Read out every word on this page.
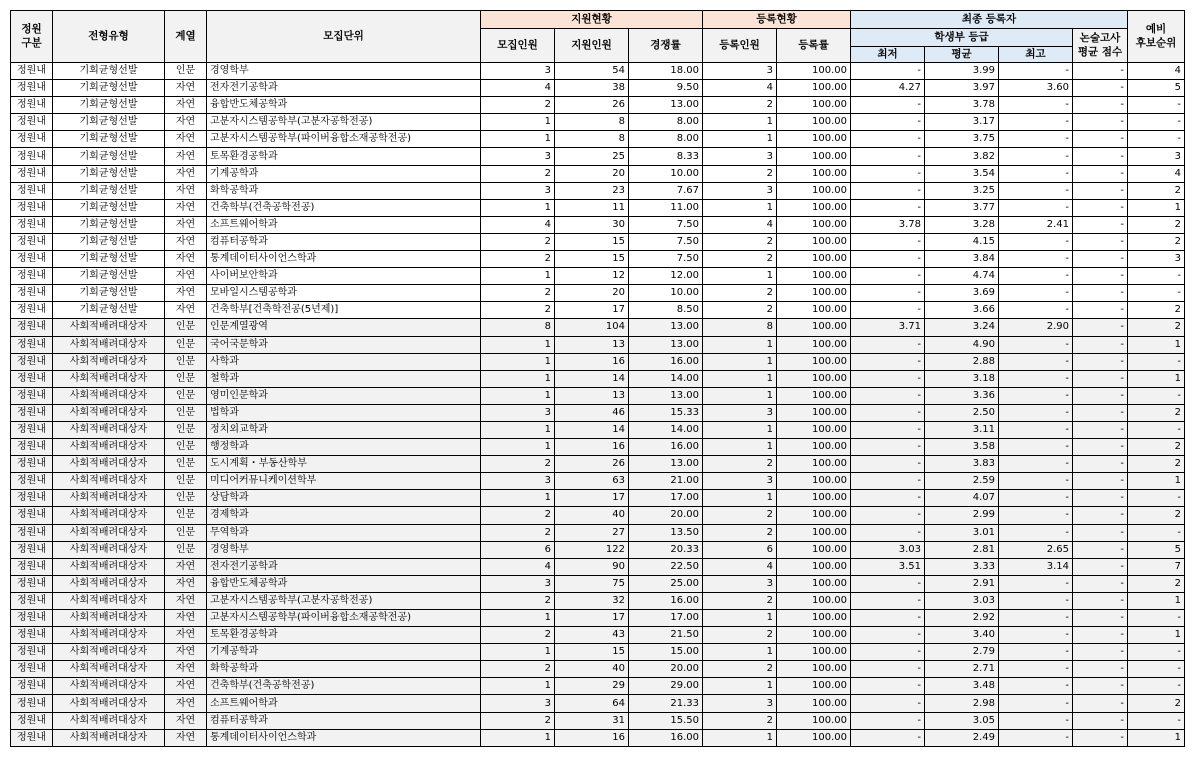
정원
구분	전형유형	계열	모집단위	지원현황			등록현황		최종 등록자				예비
후보순위
				모집인원	지원인원	경쟁률	등록인원	등록률	학생부 등급			논술고사
평균 점수	
									최저	평균	최고		
정원내	기회균형선발	인문	경영학부	3	54	18.00	3	100.00	-	3.99	-	-	4
정원내	기회균형선발	자연	전자전기공학과	4	38	9.50	4	100.00	4.27	3.97	3.60	-	5
정원내	기회균형선발	자연	융합반도체공학과	2	26	13.00	2	100.00	-	3.78	-	-	-
정원내	기회균형선발	자연	고분자시스템공학부(고분자공학전공)	1	8	8.00	1	100.00	-	3.17	-	-	-
정원내	기회균형선발	자연	고분자시스템공학부(파이버융합소재공학전공)	1	8	8.00	1	100.00	-	3.75	-	-	-
정원내	기회균형선발	자연	토목환경공학과	3	25	8.33	3	100.00	-	3.82	-	-	3
정원내	기회균형선발	자연	기계공학과	2	20	10.00	2	100.00	-	3.54	-	-	4
정원내	기회균형선발	자연	화학공학과	3	23	7.67	3	100.00	-	3.25	-	-	2
정원내	기회균형선발	자연	건축학부(건축공학전공)	1	11	11.00	1	100.00	-	3.77	-	-	1
정원내	기회균형선발	자연	소프트웨어학과	4	30	7.50	4	100.00	3.78	3.28	2.41	-	2
정원내	기회균형선발	자연	컴퓨터공학과	2	15	7.50	2	100.00	-	4.15	-	-	2
정원내	기회균형선발	자연	통계데이터사이언스학과	2	15	7.50	2	100.00	-	3.84	-	-	3
정원내	기회균형선발	자연	사이버보안학과	1	12	12.00	1	100.00	-	4.74	-	-	-
정원내	기회균형선발	자연	모바일시스템공학과	2	20	10.00	2	100.00	-	3.69	-	-	-
정원내	기회균형선발	자연	건축학부[건축학전공(5년제)]	2	17	8.50	2	100.00	-	3.66	-	-	2
정원내	사회적배려대상자	인문	인문계열광역	8	104	13.00	8	100.00	3.71	3.24	2.90	-	2
정원내	사회적배려대상자	인문	국어국문학과	1	13	13.00	1	100.00	-	4.90	-	-	1
정원내	사회적배려대상자	인문	사학과	1	16	16.00	1	100.00	-	2.88	-	-	-
정원내	사회적배려대상자	인문	철학과	1	14	14.00	1	100.00	-	3.18	-	-	1
정원내	사회적배려대상자	인문	영미인문학과	1	13	13.00	1	100.00	-	3.36	-	-	-
정원내	사회적배려대상자	인문	법학과	3	46	15.33	3	100.00	-	2.50	-	-	2
정원내	사회적배려대상자	인문	정치외교학과	1	14	14.00	1	100.00	-	3.11	-	-	-
정원내	사회적배려대상자	인문	행정학과	1	16	16.00	1	100.00	-	3.58	-	-	2
정원내	사회적배려대상자	인문	도시계획・부동산학부	2	26	13.00	2	100.00	-	3.83	-	-	2
정원내	사회적배려대상자	인문	미디어커뮤니케이션학부	3	63	21.00	3	100.00	-	2.59	-	-	1
정원내	사회적배려대상자	인문	상담학과	1	17	17.00	1	100.00	-	4.07	-	-	-
정원내	사회적배려대상자	인문	경제학과	2	40	20.00	2	100.00	-	2.99	-	-	2
정원내	사회적배려대상자	인문	무역학과	2	27	13.50	2	100.00	-	3.01	-	-	-
정원내	사회적배려대상자	인문	경영학부	6	122	20.33	6	100.00	3.03	2.81	2.65	-	5
정원내	사회적배려대상자	자연	전자전기공학과	4	90	22.50	4	100.00	3.51	3.33	3.14	-	7
정원내	사회적배려대상자	자연	융합반도체공학과	3	75	25.00	3	100.00	-	2.91	-	-	2
정원내	사회적배려대상자	자연	고분자시스템공학부(고분자공학전공)	2	32	16.00	2	100.00	-	3.03	-	-	1
정원내	사회적배려대상자	자연	고분자시스템공학부(파이버융합소재공학전공)	1	17	17.00	1	100.00	-	2.92	-	-	-
정원내	사회적배려대상자	자연	토목환경공학과	2	43	21.50	2	100.00	-	3.40	-	-	1
정원내	사회적배려대상자	자연	기계공학과	1	15	15.00	1	100.00	-	2.79	-	-	-
정원내	사회적배려대상자	자연	화학공학과	2	40	20.00	2	100.00	-	2.71	-	-	-
정원내	사회적배려대상자	자연	건축학부(건축공학전공)	1	29	29.00	1	100.00	-	3.48	-	-	-
정원내	사회적배려대상자	자연	소프트웨어학과	3	64	21.33	3	100.00	-	2.98	-	-	2
정원내	사회적배려대상자	자연	컴퓨터공학과	2	31	15.50	2	100.00	-	3.05	-	-	-
정원내	사회적배려대상자	자연	통계데이터사이언스학과	1	16	16.00	1	100.00	-	2.49	-	-	1
